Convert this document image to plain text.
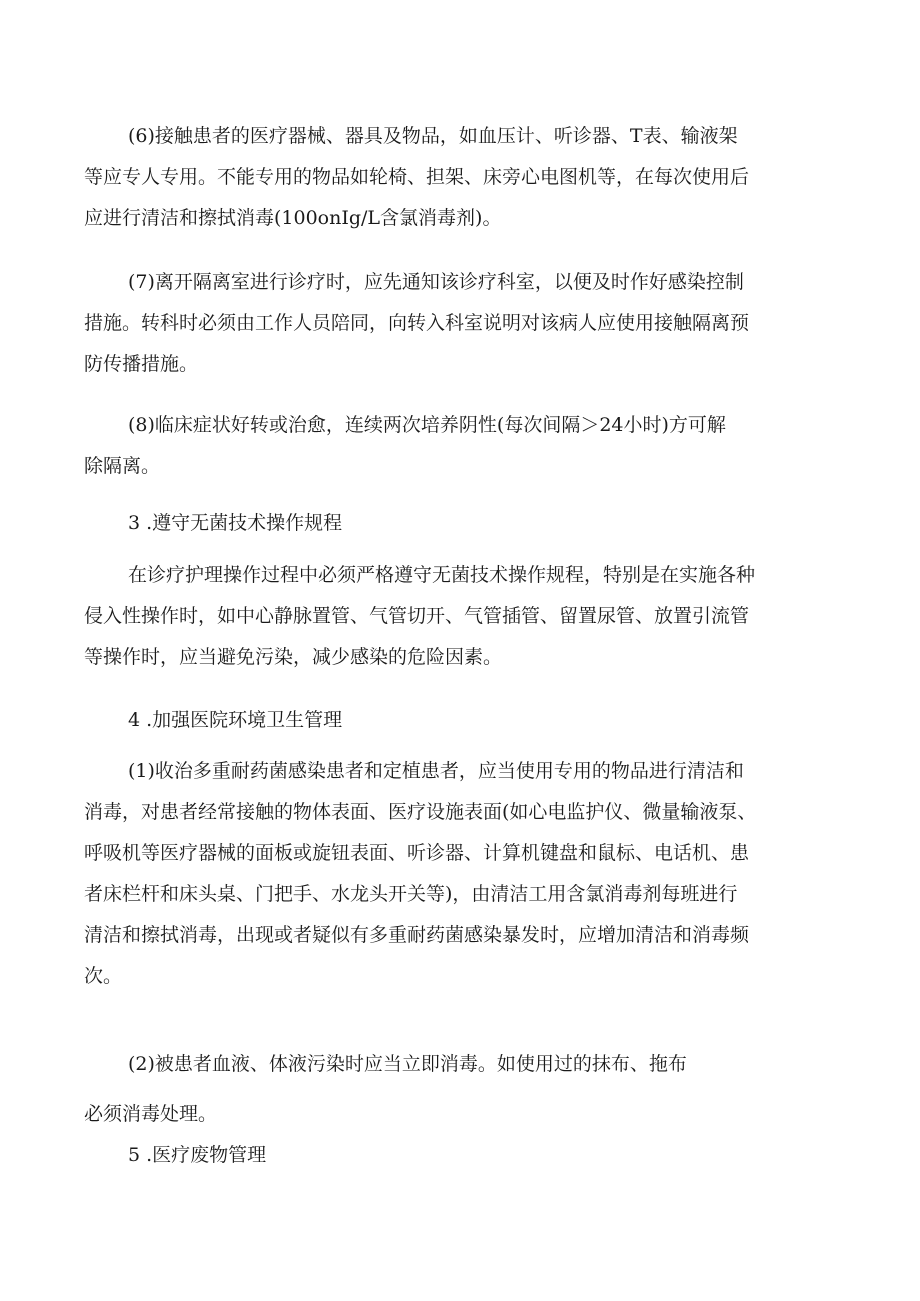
(6)接触患者的医疗器械、器具及物品，如血压计、听诊器、T表、输液架
等应专人专用。不能专用的物品如轮椅、担架、床旁心电图机等，在每次使用后
应进行清洁和擦拭消毒(100onIg/L含氯消毒剂)。
(7)离开隔离室进行诊疗时，应先通知该诊疗科室，以便及时作好感染控制
措施。转科时必须由工作人员陪同，向转入科室说明对该病人应使用接触隔离预
防传播措施。
(8)临床症状好转或治愈，连续两次培养阴性(每次间隔＞24小时)方可解
除隔离。
3 .遵守无菌技术操作规程
在诊疗护理操作过程中必须严格遵守无菌技术操作规程，特别是在实施各种
侵入性操作时，如中心静脉置管、气管切开、气管插管、留置尿管、放置引流管
等操作时，应当避免污染，减少感染的危险因素。
4 .加强医院环境卫生管理
(1)收治多重耐药菌感染患者和定植患者，应当使用专用的物品进行清洁和
消毒，对患者经常接触的物体表面、医疗设施表面(如心电监护仪、微量输液泵、
呼吸机等医疗器械的面板或旋钮表面、听诊器、计算机键盘和鼠标、电话机、患
者床栏杆和床头桌、门把手、水龙头开关等)，由清洁工用含氯消毒剂每班进行
清洁和擦拭消毒，出现或者疑似有多重耐药菌感染暴发时，应增加清洁和消毒频
次。
(2)被患者血液、体液污染时应当立即消毒。如使用过的抹布、拖布
必须消毒处理。
5 .医疗废物管理
